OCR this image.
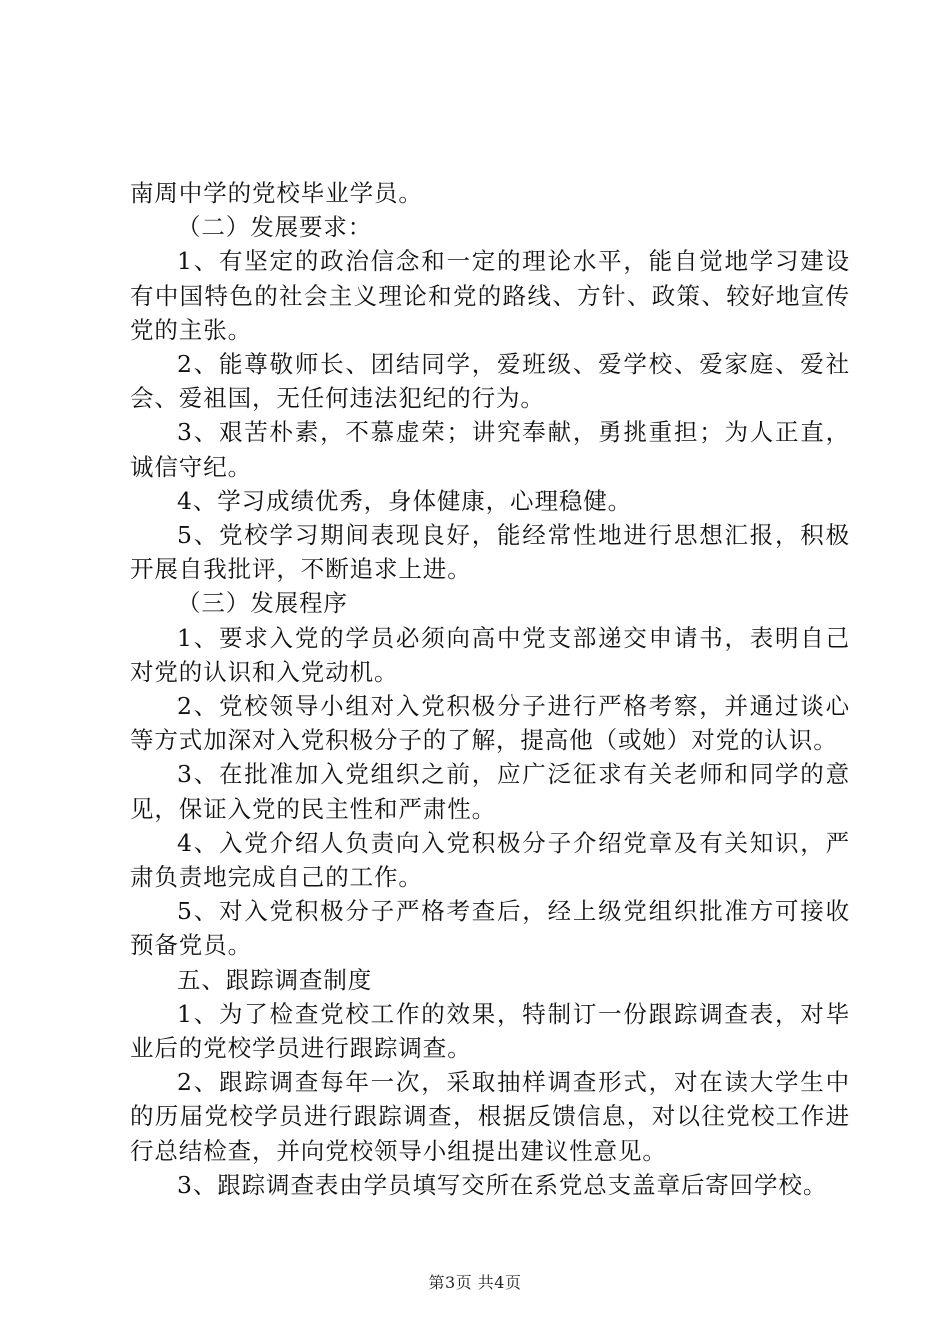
南周中学的党校毕业学员。

（二）发展要求：

1、有坚定的政治信念和一定的理论水平，能自觉地学习建设有中国特色的社会主义理论和党的路线、方针、政策、较好地宣传党的主张。

2、能尊敬师长、团结同学，爱班级、爱学校、爱家庭、爱社会、爱祖国，无任何违法犯纪的行为。

3、艰苦朴素，不慕虚荣；讲究奉献，勇挑重担；为人正直，诚信守纪。

4、学习成绩优秀，身体健康，心理稳健。

5、党校学习期间表现良好，能经常性地进行思想汇报，积极开展自我批评，不断追求上进。

（三）发展程序

1、要求入党的学员必须向高中党支部递交申请书，表明自己对党的认识和入党动机。

2、党校领导小组对入党积极分子进行严格考察，并通过谈心等方式加深对入党积极分子的了解，提高他（或她）对党的认识。

3、在批准加入党组织之前，应广泛征求有关老师和同学的意见，保证入党的民主性和严肃性。

4、入党介绍人负责向入党积极分子介绍党章及有关知识，严肃负责地完成自己的工作。

5、对入党积极分子严格考查后，经上级党组织批准方可接收预备党员。

五、跟踪调查制度

1、为了检查党校工作的效果，特制订一份跟踪调查表，对毕业后的党校学员进行跟踪调查。

2、跟踪调查每年一次，采取抽样调查形式，对在读大学生中的历届党校学员进行跟踪调查，根据反馈信息，对以往党校工作进行总结检查，并向党校领导小组提出建议性意见。

3、跟踪调查表由学员填写交所在系党总支盖章后寄回学校。

第3页 共4页
